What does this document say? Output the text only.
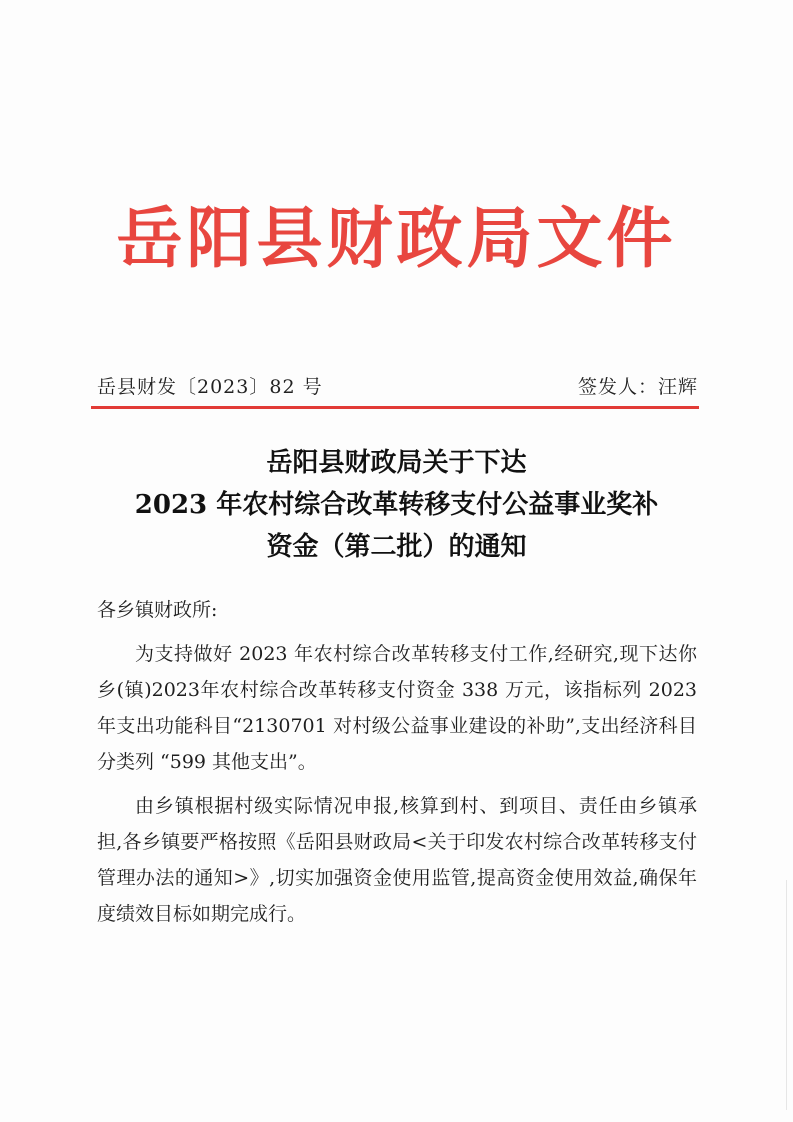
岳阳县财政局文件
岳县财发〔2023〕82 号	签发人：汪辉
岳阳县财政局关于下达
2023 年农村综合改革转移支付公益事业奖补
资金（第二批）的通知

各乡镇财政所:

为支持做好 2023 年农村综合改革转移支付工作,经研究,现下达你乡(镇)2023年农村综合改革转移支付资金 338 万元，该指标列 2023 年支出功能科目“2130701 对村级公益事业建设的补助”,支出经济科目分类列 “599 其他支出”。

由乡镇根据村级实际情况申报,核算到村、到项目、责任由乡镇承担,各乡镇要严格按照《岳阳县财政局<关于印发农村综合改革转移支付管理办法的通知>》,切实加强资金使用监管,提高资金使用效益,确保年度绩效目标如期完成行。
